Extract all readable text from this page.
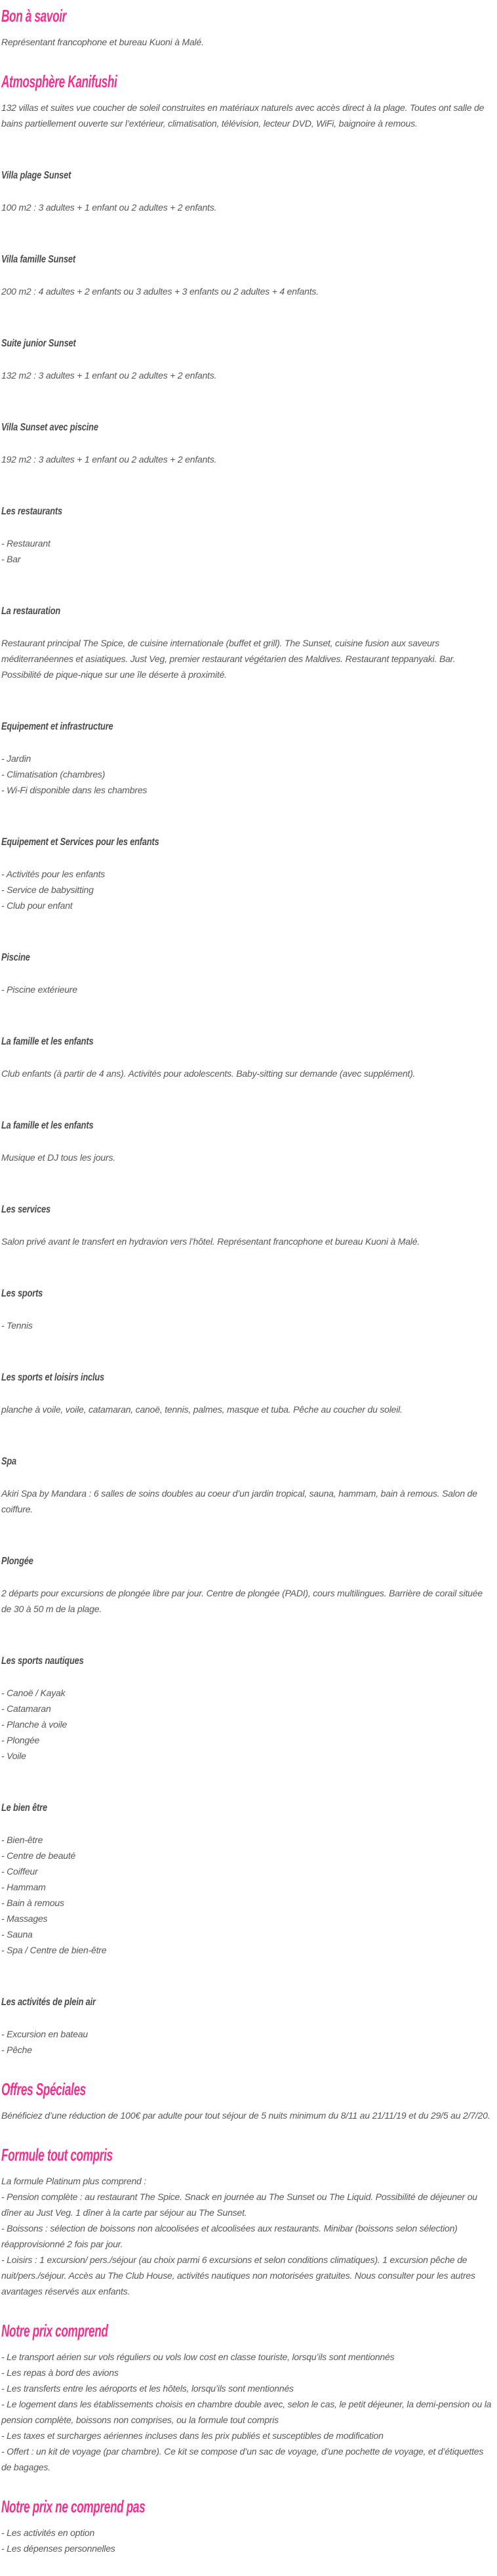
Bon à savoir

Représentant francophone et bureau Kuoni à Malé.

Atmosphère Kanifushi

132 villas et suites vue coucher de soleil construites en matériaux naturels avec accès direct à la plage. Toutes ont salle de bains partiellement ouverte sur l’extérieur, climatisation, télévision, lecteur DVD, WiFi, baignoire à remous.

Villa plage Sunset

100 m2 : 3 adultes + 1 enfant ou 2 adultes + 2 enfants.

Villa famille Sunset

200 m2 : 4 adultes + 2 enfants ou 3 adultes + 3 enfants ou 2 adultes + 4 enfants.

Suite junior Sunset

132 m2 : 3 adultes + 1 enfant ou 2 adultes + 2 enfants.

Villa Sunset avec piscine

192 m2 : 3 adultes + 1 enfant ou 2 adultes + 2 enfants.

Les restaurants

- Restaurant

- Bar

La restauration

Restaurant principal The Spice, de cuisine internationale (buffet et grill). The Sunset, cuisine fusion aux saveurs méditerranéennes et asiatiques. Just Veg, premier restaurant végétarien des Maldives. Restaurant teppanyaki. Bar. Possibilité de pique-nique sur une île déserte à proximité.

Equipement et infrastructure

- Jardin

- Climatisation (chambres)

- Wi-Fi disponible dans les chambres

Equipement et Services pour les enfants

- Activités pour les enfants

- Service de babysitting

- Club pour enfant

Piscine

- Piscine extérieure

La famille et les enfants

Club enfants (à partir de 4 ans). Activités pour adolescents. Baby-sitting sur demande (avec supplément).

La famille et les enfants

Musique et DJ tous les jours.

Les services

Salon privé avant le transfert en hydravion vers l’hôtel. Représentant francophone et bureau Kuoni à Malé.

Les sports

- Tennis

Les sports et loisirs inclus

planche à voile, voile, catamaran, canoë, tennis, palmes, masque et tuba. Pêche au coucher du soleil.

Spa

Akiri Spa by Mandara : 6 salles de soins doubles au coeur d’un jardin tropical, sauna, hammam, bain à remous. Salon de coiffure.

Plongée

2 départs pour excursions de plongée libre par jour. Centre de plongée (PADI), cours multilingues. Barrière de corail située de 30 à 50 m de la plage.

Les sports nautiques

- Canoë / Kayak

- Catamaran

- Planche à voile

- Plongée

- Voile

Le bien être

- Bien-être

- Centre de beauté

- Coiffeur

- Hammam

- Bain à remous

- Massages

- Sauna

- Spa / Centre de bien-être

Les activités de plein air

- Excursion en bateau

- Pêche

Offres Spéciales

Bénéficiez d’une réduction de 100€ par adulte pour tout séjour de 5 nuits minimum du 8/11 au 21/11/19 et du 29/5 au 2/7/20.

Formule tout compris

La formule Platinum plus comprend :

- Pension complète : au restaurant The Spice. Snack en journée au The Sunset ou The Liquid. Possibilité de déjeuner ou dîner au Just Veg. 1 dîner à la carte par séjour au The Sunset.

- Boissons : sélection de boissons non alcoolisées et alcoolisées aux restaurants. Minibar (boissons selon sélection) réapprovisionné 2 fois par jour.

- Loisirs : 1 excursion/ pers./séjour (au choix parmi 6 excursions et selon conditions climatiques). 1 excursion pêche de nuit/pers./séjour. Accès au The Club House, activités nautiques non motorisées gratuites. Nous consulter pour les autres avantages réservés aux enfants.

Notre prix comprend

- Le transport aérien sur vols réguliers ou vols low cost en classe touriste, lorsqu’ils sont mentionnés

- Les repas à bord des avions

- Les transferts entre les aéroports et les hôtels, lorsqu’ils sont mentionnés

- Le logement dans les établissements choisis en chambre double avec, selon le cas, le petit déjeuner, la demi-pension ou la pension complète, boissons non comprises, ou la formule tout compris

- Les taxes et surcharges aériennes incluses dans les prix publiés et susceptibles de modification

- Offert : un kit de voyage (par chambre). Ce kit se compose d’un sac de voyage, d’une pochette de voyage, et d’étiquettes de bagages.

Notre prix ne comprend pas

- Les activités en option

- Les dépenses personnelles
